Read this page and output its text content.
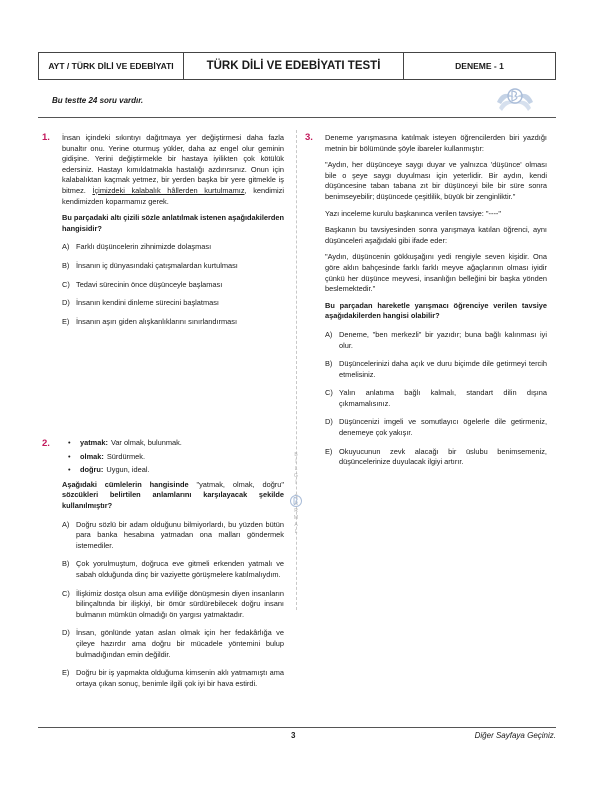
AYT / TÜRK DİLİ VE EDEBİYATI	TÜRK DİLİ VE EDEBİYATI TESTİ	DENEME - 1
Bu testte 24 soru vardır.
1. İnsan içindeki sıkıntıyı dağıtmaya yer değiştirmesi daha fazla bunaltır onu. Yerine oturmuş yükler, daha az engel olur geminin gidişine. Yerini değiştirmekle bir hastaya iyilikten çok kötülük edersiniz. Hastayı kımıldatmakla hastalığı azdırırsınız. Onun için kalabalıktan kaçmak yetmez, bir yerden başka bir yere gitmekle iş bitmez. İçimizdeki kalabalık hâllerden kurtulmamız, kendimizi kendimizden koparmamız gerek.

Bu parçadaki altı çizili sözle anlatılmak istenen aşağıdakilerden hangisidir?

A) Farklı düşüncelerin zihnimizde dolaşması
B) İnsanın iç dünyasındaki çatışmalardan kurtulması
C) Tedavi sürecinin önce düşünceyle başlaması
D) İnsanın kendini dinleme sürecini başlatması
E) İnsanın aşırı giden alışkanlıklarını sınırlandırması
2. •	yatmak: Var olmak, bulunmak.
•	olmak: Sürdürmek.
•	doğru: Uygun, ideal.

Aşağıdaki cümlelerin hangisinde "yatmak, olmak, doğru" sözcükleri belirtilen anlamlarını karşılayacak şekilde kullanılmıştır?

A) Doğru sözlü bir adam olduğunu bilmiyorlardı, bu yüzden bütün para banka hesabına yatmadan ona malları göndermek istemediler.
B) Çok yorulmuştum, doğruca eve gitmeli erkenden yatmalı ve sabah olduğunda dinç bir vaziyette görüşmelere katılmalıydım.
C) İlişkimiz dostça olsun ama evliliğe dönüşmesin diyen insanların bilinçaltında bir ilişkiyi, bir ömür sürdürebilecek doğru insanı bulmanın mümkün olmadığı ön yargısı yatmaktadır.
D) İnsan, gönlünde yatan aslan olmak için her fedakârlığa ve çileye hazırdır ama doğru bir mücadele yöntemini bulup bulmadığından emin değildir.
E) Doğru bir iş yapmakta olduğuma kimsenin aklı yatmamıştı ama ortaya çıkan sonuç, benimle ilgili çok iyi bir hava estirdi.
B
İ
L
G
İ

S
A
R
M
A
L
3. Deneme yarışmasına katılmak isteyen öğrencilerden biri yazdığı metnin bir bölümünde şöyle ibareler kullanmıştır:

"Aydın, her düşünceye saygı duyar ve yalnızca 'düşünce' olması bile o şeye saygı duyulması için yeterlidir. Bir aydın, kendi düşüncesine taban tabana zıt bir düşünceyi bile bir süre sonra benimseyebilir; düşüncede çeşitlilik, büyük bir zenginliktir."

Yazı inceleme kurulu başkanınca verilen tavsiye: "----"

Başkanın bu tavsiyesinden sonra yarışmaya katılan öğrenci, aynı düşünceleri aşağıdaki gibi ifade eder:

"Aydın, düşüncenin gökkuşağını yedi rengiyle seven kişidir. Ona göre aklın bahçesinde farklı farklı meyve ağaçlarının olması iyidir çünkü her düşünce meyvesi, insanlığın belleğini bir başka yönden beslemektedir."

Bu parçadan hareketle yarışmacı öğrenciye verilen tavsiye aşağıdakilerden hangisi olabilir?

A) Deneme, "ben merkezli" bir yazıdır; buna bağlı kalınması iyi olur.
B) Düşüncelerinizi daha açık ve duru biçimde dile getirmeyi tercih etmelisiniz.
C) Yalın anlatıma bağlı kalmalı, standart dilin dışına çıkmamalısınız.
D) Düşüncenizi imgeli ve somutlayıcı ögelerle dile getirmeniz, denemeye çok yakışır.
E) Okuyucunun zevk alacağı bir üslubu benimsemeniz, düşüncelerinize duyulacak ilgiyi artırır.
3	Diğer Sayfaya Geçiniz.
